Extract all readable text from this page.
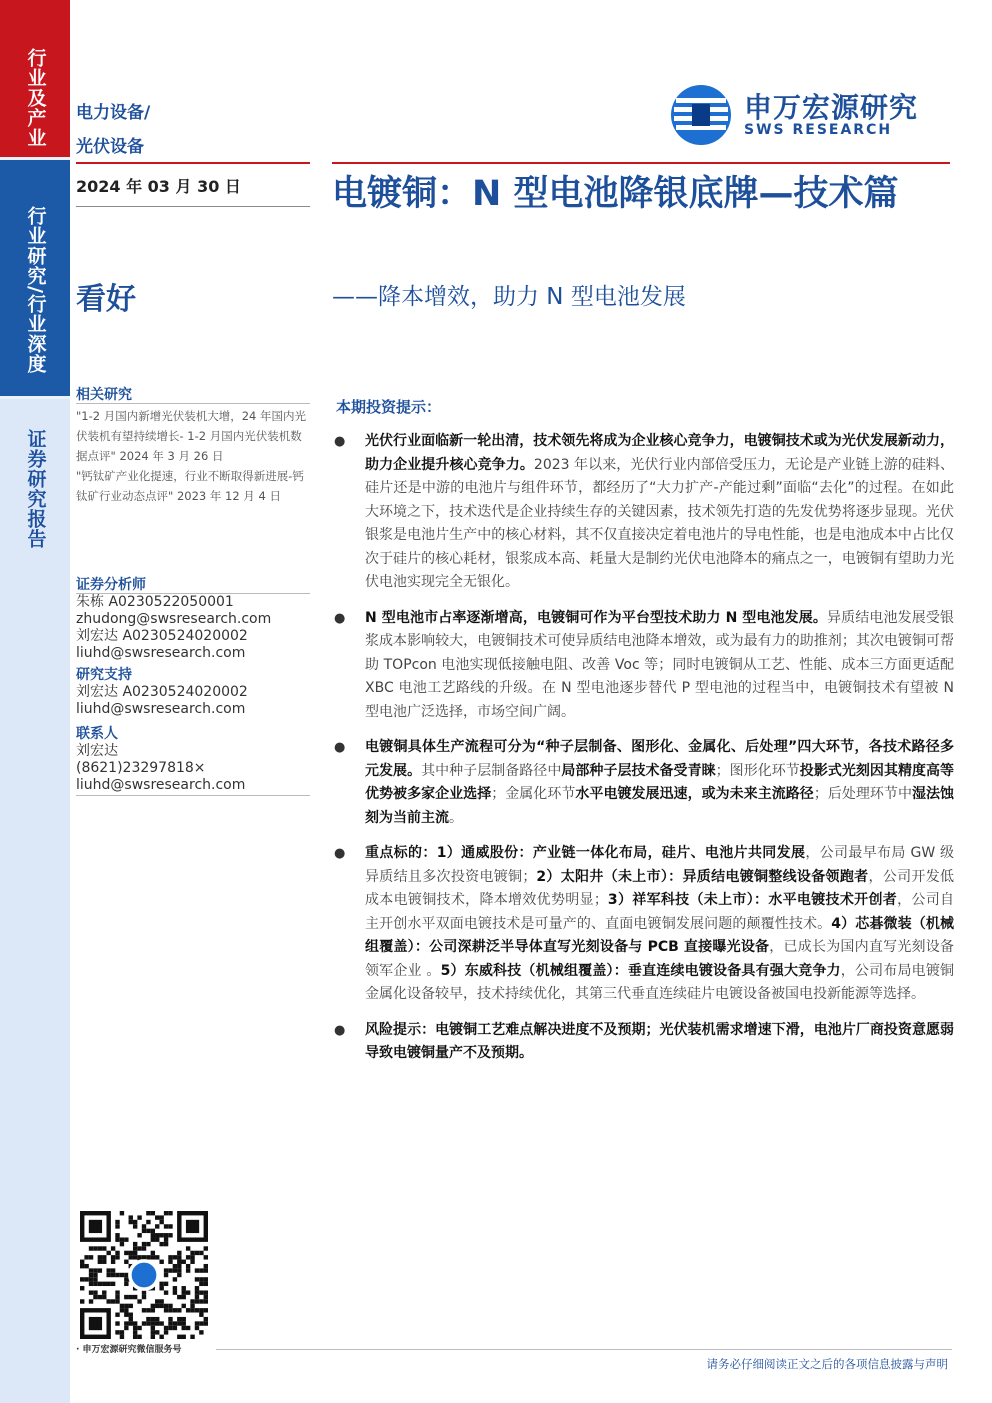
行业及产业
行业研究/行业深度
证券研究报告
电力设备/
光伏设备
2024 年 03 月 30 日
看好
申万宏源研究
SWS RESEARCH
电镀铜：N 型电池降银底牌—技术篇
——降本增效，助力 N 型电池发展
相关研究
"1-2 月国内新增光伏装机大增，24 年国内光伏装机有望持续增长- 1-2 月国内光伏装机数据点评" 2024 年 3 月 26 日
"钙钛矿产业化提速，行业不断取得新进展-钙钛矿行业动态点评" 2023 年 12 月 4 日
证券分析师
朱栋 A0230522050001
zhudong@swsresearch.com
刘宏达 A0230524020002
liuhd@swsresearch.com
研究支持
刘宏达 A0230524020002
liuhd@swsresearch.com
联系人
刘宏达
(8621)23297818×
liuhd@swsresearch.com
本期投资提示：
● 光伏行业面临新一轮出清，技术领先将成为企业核心竞争力，电镀铜技术或为光伏发展新动力，助力企业提升核心竞争力。2023 年以来，光伏行业内部倍受压力，无论是产业链上游的硅料、硅片还是中游的电池片与组件环节，都经历了“大力扩产-产能过剩”面临“去化”的过程。在如此大环境之下，技术迭代是企业持续生存的关键因素，技术领先打造的先发优势将逐步显现。光伏银浆是电池片生产中的核心材料，其不仅直接决定着电池片的导电性能，也是电池成本中占比仅次于硅片的核心耗材，银浆成本高、耗量大是制约光伏电池降本的痛点之一，电镀铜有望助力光伏电池实现完全无银化。
● N 型电池市占率逐渐增高，电镀铜可作为平台型技术助力 N 型电池发展。异质结电池发展受银浆成本影响较大，电镀铜技术可使异质结电池降本增效，或为最有力的助推剂；其次电镀铜可帮助 TOPcon 电池实现低接触电阻、改善 Voc 等；同时电镀铜从工艺、性能、成本三方面更适配 XBC 电池工艺路线的升级。在 N 型电池逐步替代 P 型电池的过程当中，电镀铜技术有望被 N 型电池广泛选择，市场空间广阔。
● 电镀铜具体生产流程可分为“种子层制备、图形化、金属化、后处理”四大环节，各技术路径多元发展。其中种子层制备路径中局部种子层技术备受青睐；图形化环节投影式光刻因其精度高等优势被多家企业选择；金属化环节水平电镀发展迅速，或为未来主流路径；后处理环节中湿法蚀刻为当前主流。
● 重点标的：1）通威股份：产业链一体化布局，硅片、电池片共同发展，公司最早布局 GW 级异质结且多次投资电镀铜；2）太阳井（未上市）：异质结电镀铜整线设备领跑者，公司开发低成本电镀铜技术，降本增效优势明显；3）祥军科技（未上市）：水平电镀技术开创者，公司自主开创水平双面电镀技术是可量产的、直面电镀铜发展问题的颠覆性技术。4）芯碁微装（机械组覆盖）：公司深耕泛半导体直写光刻设备与 PCB 直接曝光设备，已成长为国内直写光刻设备领军企业 。5）东威科技（机械组覆盖）：垂直连续电镀设备具有强大竞争力，公司布局电镀铜金属化设备较早，技术持续优化，其第三代垂直连续硅片电镀设备被国电投新能源等选择。
● 风险提示：电镀铜工艺难点解决进度不及预期；光伏装机需求增速下滑，电池片厂商投资意愿弱导致电镀铜量产不及预期。
· 申万宏源研究微信服务号
请务必仔细阅读正文之后的各项信息披露与声明
